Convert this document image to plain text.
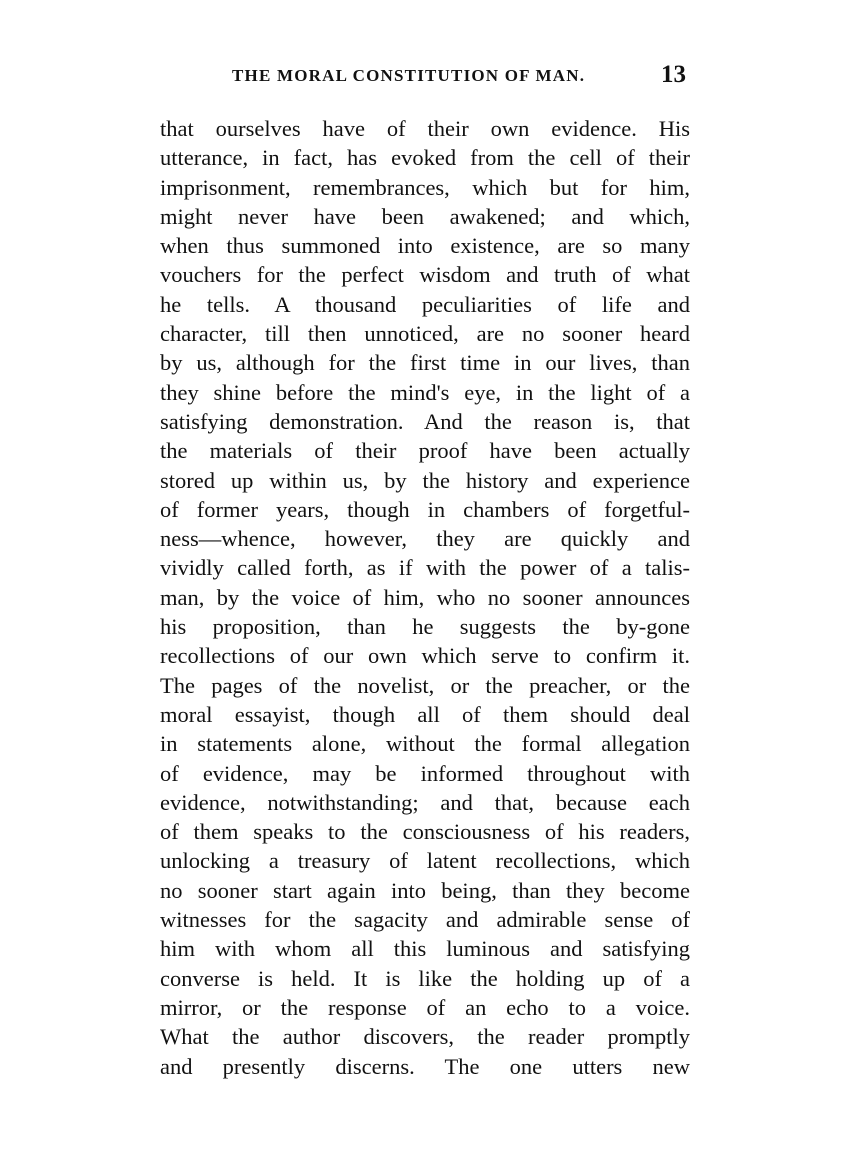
THE MORAL CONSTITUTION OF MAN.	13
that ourselves have of their own evidence. His
utterance, in fact, has evoked from the cell of their
imprisonment, remembrances, which but for him,
might never have been awakened; and which,
when thus summoned into existence, are so many
vouchers for the perfect wisdom and truth of what
he tells. A thousand peculiarities of life and
character, till then unnoticed, are no sooner heard
by us, although for the first time in our lives, than
they shine before the mind's eye, in the light of a
satisfying demonstration. And the reason is, that
the materials of their proof have been actually
stored up within us, by the history and experience
of former years, though in chambers of forgetful-
ness—whence, however, they are quickly and
vividly called forth, as if with the power of a talis-
man, by the voice of him, who no sooner announces
his proposition, than he suggests the by-gone
recollections of our own which serve to confirm it.
The pages of the novelist, or the preacher, or the
moral essayist, though all of them should deal
in statements alone, without the formal allegation
of evidence, may be informed throughout with
evidence, notwithstanding; and that, because each
of them speaks to the consciousness of his readers,
unlocking a treasury of latent recollections, which
no sooner start again into being, than they become
witnesses for the sagacity and admirable sense of
him with whom all this luminous and satisfying
converse is held. It is like the holding up of a
mirror, or the response of an echo to a voice.
What the author discovers, the reader promptly
and presently discerns. The one utters new
